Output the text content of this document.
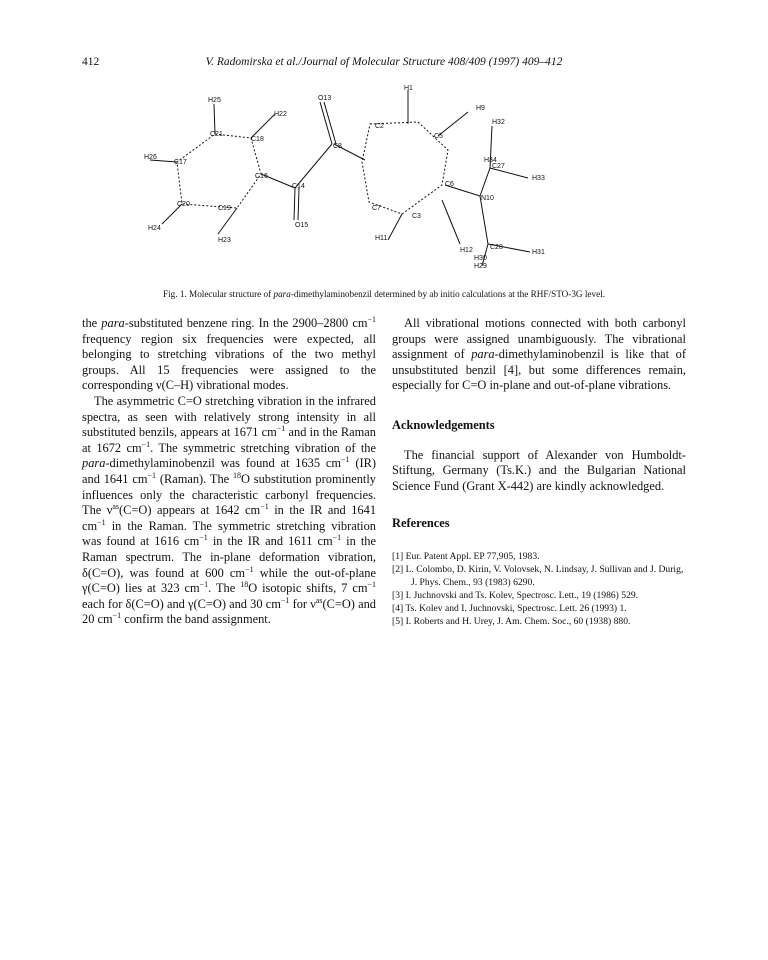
412	V. Radomirska et al./Journal of Molecular Structure 408/409 (1997) 409–412
H25
H22
C21
C18
H26
C17
C16
C14
C20
C19
H24
H23
O15
O13
C8
H1
H9
C2
C5
C6
C7
C3
H11
H12
N10
H32
H34
C27
H33
C28
H31
H30
H29
Fig. 1. Molecular structure of para-dimethylaminobenzil determined by ab initio calculations at the RHF/STO-3G level.

the para-substituted benzene ring. In the 2900–2800 $cm^{-1}$ frequency region six frequencies were expected, all belonging to stretching vibrations of the two methyl groups. All 15 frequencies were assigned to the corresponding ν(C–H) vibrational modes.

The asymmetric C=O stretching vibration in the infrared spectra, as seen with relatively strong intensity in all substituted benzils, appears at 1671 $cm^{-1}$ and in the Raman at 1672 $cm^{-1}$. The symmetric stretching vibration of the para-dimethylaminobenzil was found at 1635 $cm^{-1}$ (IR) and 1641 $cm^{-1}$ (Raman). The $^{18}$O substitution prominently influences only the characteristic carbonyl frequencies. The $\nu^{as}(C=O)$ appears at 1642 $cm^{-1}$ in the IR and 1641 $cm^{-1}$ in the Raman. The symmetric stretching vibration was found at 1616 $cm^{-1}$ in the IR and 1611 $cm^{-1}$ in the Raman spectrum. The in-plane deformation vibration, δ(C=O), was found at 600 $cm^{-1}$ while the out-of-plane γ(C=O) lies at 323 $cm^{-1}$. The $^{18}$O isotopic shifts, 7 $cm^{-1}$ each for δ(C=O) and γ(C=O) and 30 $cm^{-1}$ for $\nu^{as}(C=O)$ and 20 $cm^{-1}$ confirm the band assignment.

All vibrational motions connected with both carbonyl groups were assigned unambiguously. The vibrational assignment of para-dimethylaminobenzil is like that of unsubstituted benzil [4], but some differences remain, especially for C=O in-plane and out-of-plane vibrations.

Acknowledgements

The financial support of Alexander von Humboldt-Stiftung, Germany (Ts.K.) and the Bulgarian National Science Fund (Grant X-442) are kindly acknowledged.

References
[1] Eur. Patent Appl. EP 77,905, 1983.
[2] L. Colombo, D. Kirin, V. Volovsek, N. Lindsay, J. Sullivan and J. Durig, J. Phys. Chem., 93 (1983) 6290.
[3] I. Juchnovski and Ts. Kolev, Spectrosc. Lett., 19 (1986) 529.
[4] Ts. Kolev and I. Juchnovski, Spectrosc. Lett. 26 (1993) 1.
[5] I. Roberts and H. Urey, J. Am. Chem. Soc., 60 (1938) 880.
